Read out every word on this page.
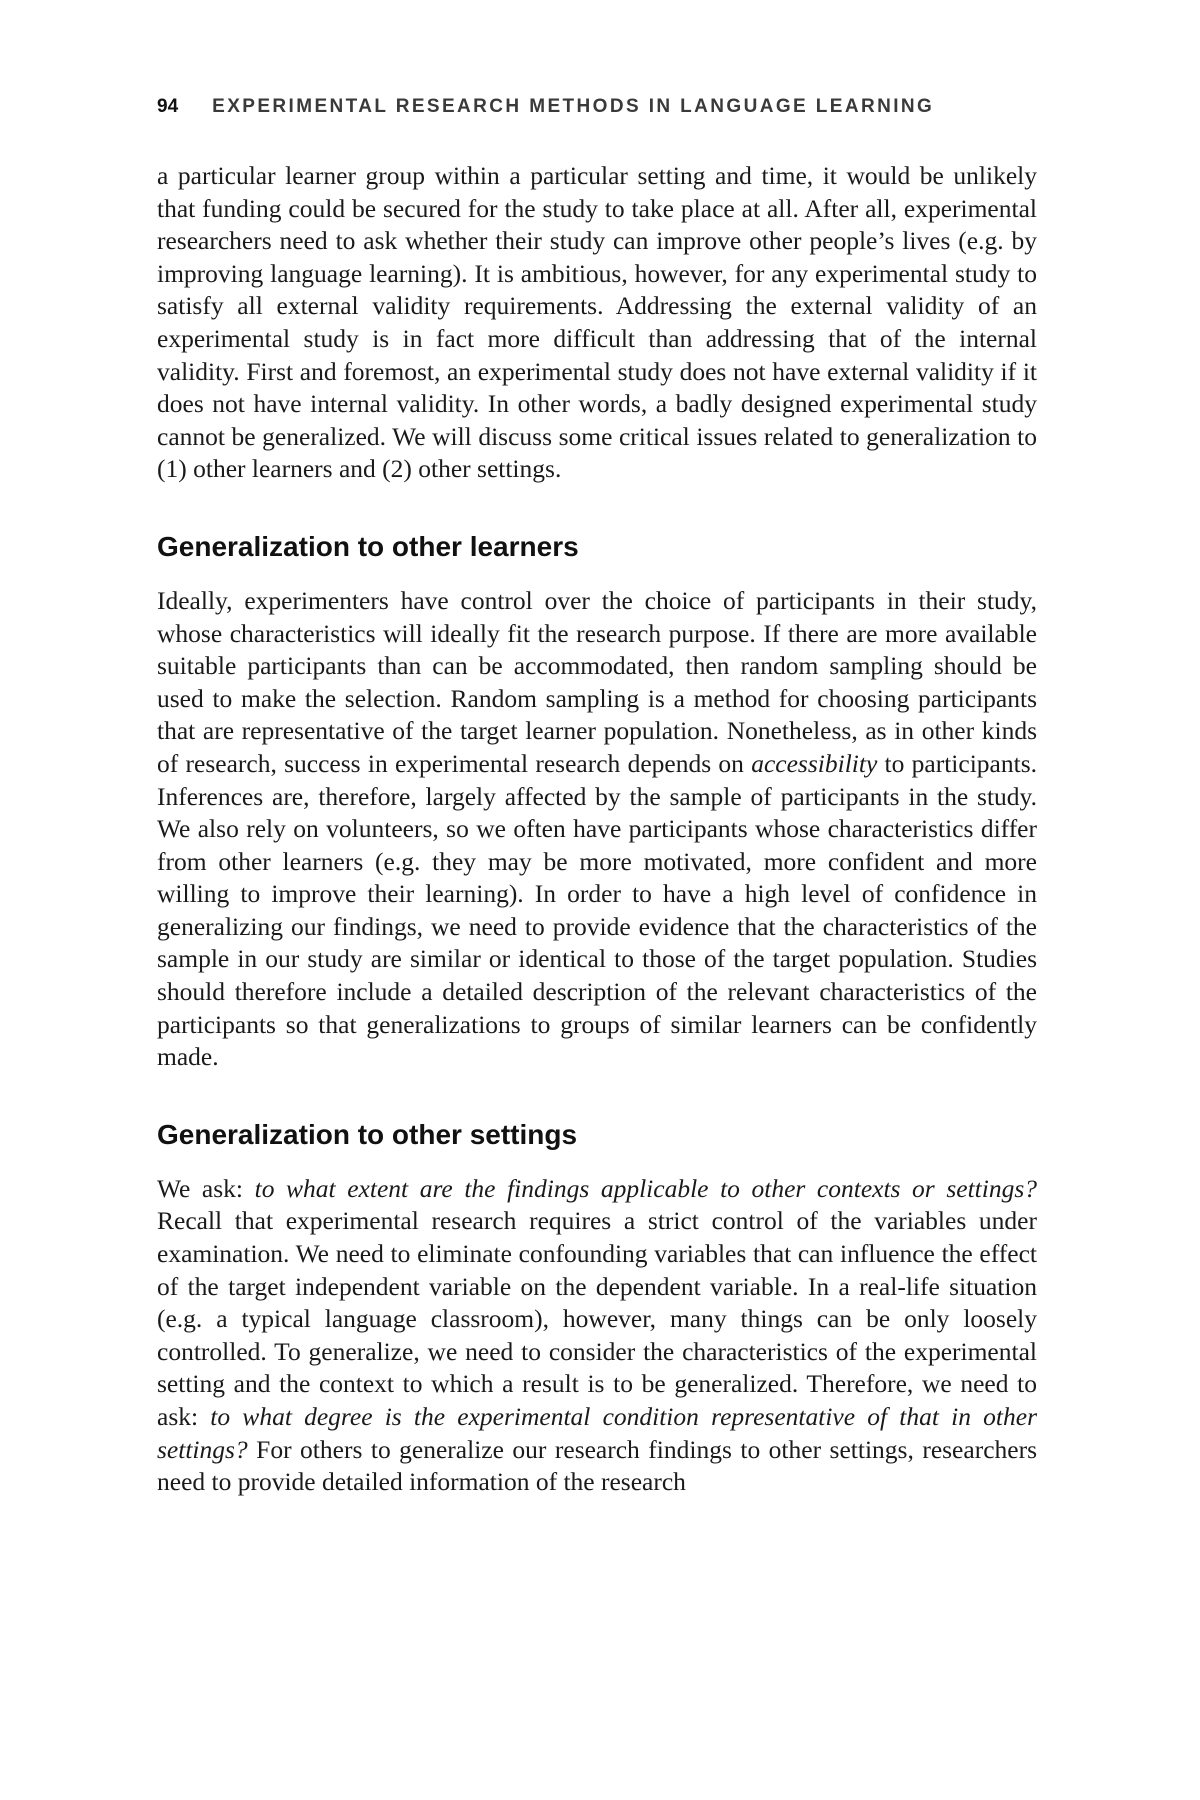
94 EXPERIMENTAL RESEARCH METHODS IN LANGUAGE LEARNING

a particular learner group within a particular setting and time, it would be unlikely that funding could be secured for the study to take place at all. After all, experimental researchers need to ask whether their study can improve other people’s lives (e.g. by improving language learning). It is ambitious, however, for any experimental study to satisfy all external validity requirements. Addressing the external validity of an experimental study is in fact more difficult than addressing that of the internal validity. First and foremost, an experimental study does not have external validity if it does not have internal validity. In other words, a badly designed experimental study cannot be generalized. We will discuss some critical issues related to generalization to (1) other learners and (2) other settings.

Generalization to other learners

Ideally, experimenters have control over the choice of participants in their study, whose characteristics will ideally fit the research purpose. If there are more available suitable participants than can be accommodated, then random sampling should be used to make the selection. Random sampling is a method for choosing participants that are representative of the target learner population. Nonetheless, as in other kinds of research, success in experimental research depends on accessibility to participants. Inferences are, therefore, largely affected by the sample of participants in the study. We also rely on volunteers, so we often have participants whose characteristics differ from other learners (e.g. they may be more motivated, more confident and more willing to improve their learning). In order to have a high level of confidence in generalizing our findings, we need to provide evidence that the characteristics of the sample in our study are similar or identical to those of the target population. Studies should therefore include a detailed description of the relevant characteristics of the participants so that generalizations to groups of similar learners can be confidently made.

Generalization to other settings

We ask: to what extent are the findings applicable to other contexts or settings? Recall that experimental research requires a strict control of the variables under examination. We need to eliminate confounding variables that can influence the effect of the target independent variable on the dependent variable. In a real-life situation (e.g. a typical language classroom), however, many things can be only loosely controlled. To generalize, we need to consider the characteristics of the experimental setting and the context to which a result is to be generalized. Therefore, we need to ask: to what degree is the experimental condition representative of that in other settings? For others to generalize our research findings to other settings, researchers need to provide detailed information of the research
